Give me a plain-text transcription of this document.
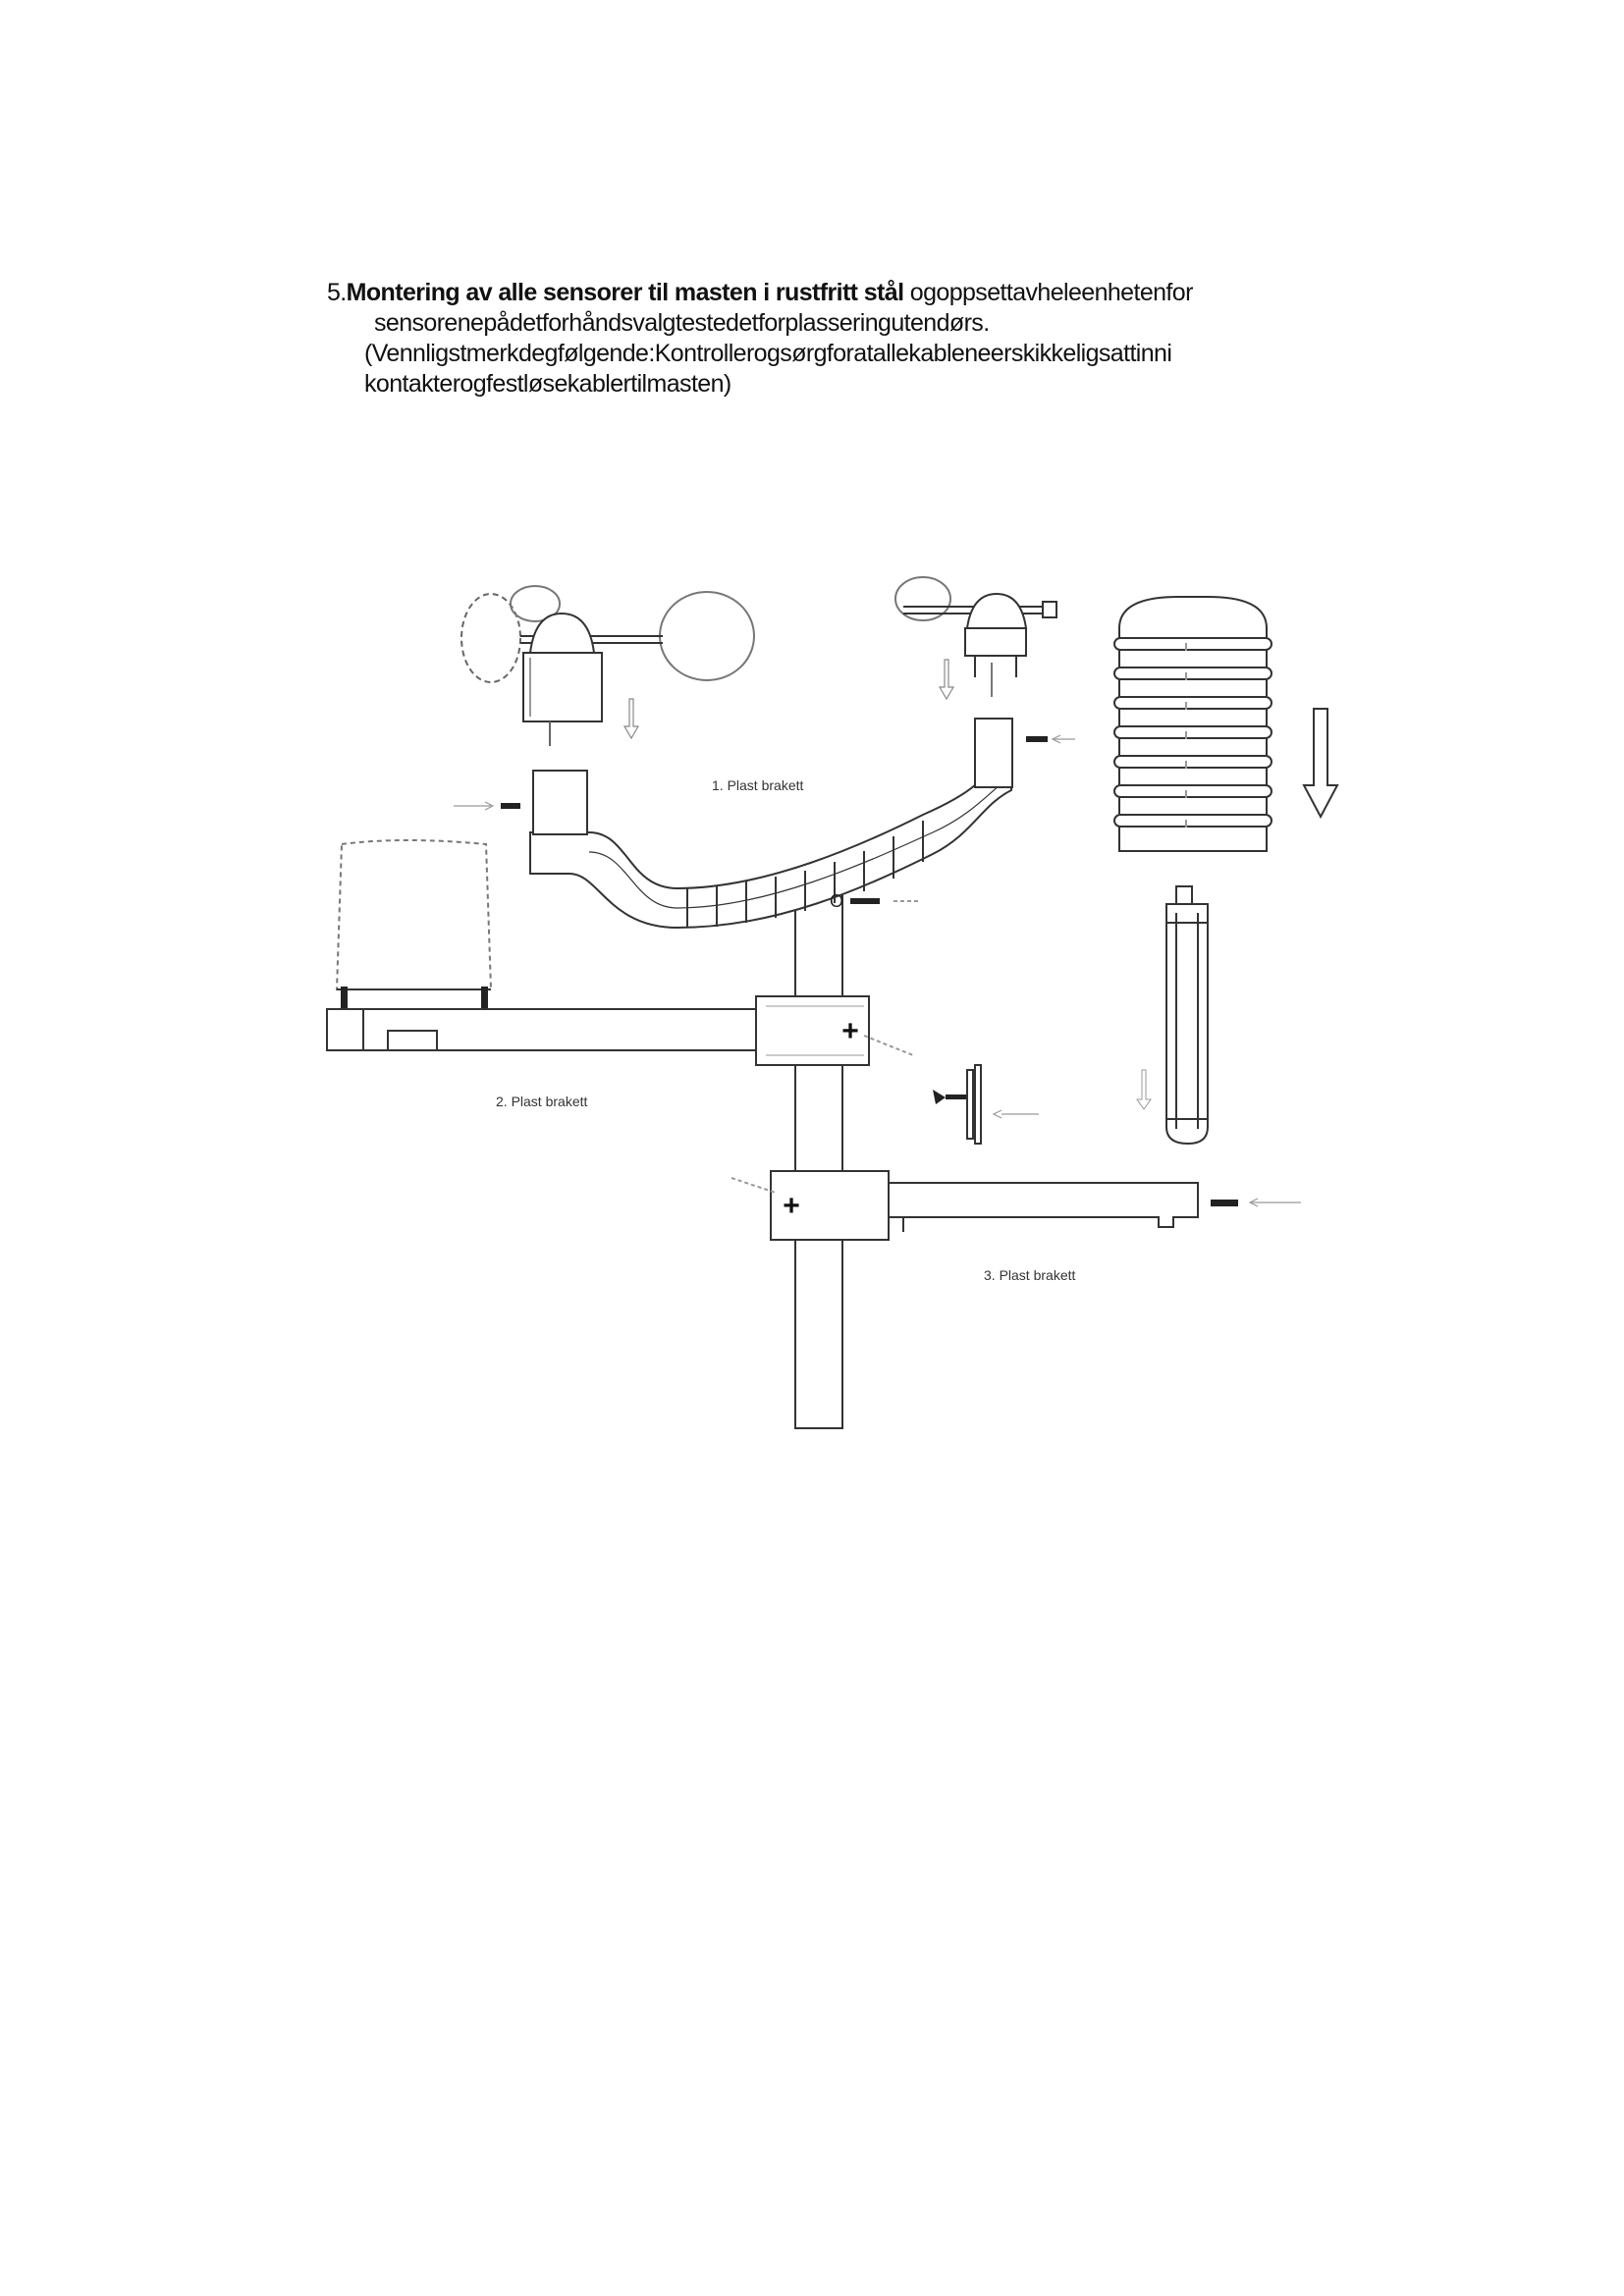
5.Montering av alle sensorer til masten i rustfritt stål ogoppsettavheleenhetenfor
sensorenepådetforhåndsvalgtestedetforplasseringutendørs.
(Vennligstmerkdegfølgende:Kontrollerogsørgforatallekableneerskikkeligsattinni
kontakterogfestløsekablertilmasten)
+
+
O
1. Plast brakett
2. Plast brakett
3. Plast brakett
